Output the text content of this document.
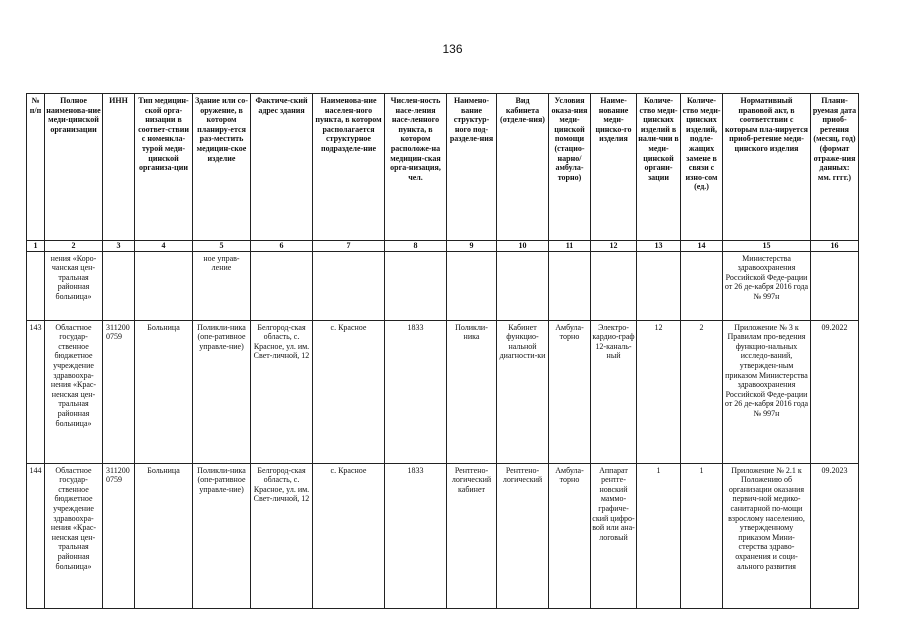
136
№ п/п	Полное наименова-ние меди-цинской организации	ИНН	Тип медицин-ской орга-низации в соответ-ствии с номенкла-турой меди-цинской организа-ции	Здание или со-оружение, в котором планиру-ется раз-местить медицин-ское изделие	Фактиче-ский адрес здания	Наименова-ние населен-ного пункта, в котором располагается структурное подразделе-ние	Числен-ность насе-ления насе-ленного пункта, в котором расположе-на медицин-ская орга-низация, чел.	Наимено-вание структур-ного под-разделе-ния	Вид кабинета (отделе-ния)	Условия оказа-ния меди-цинской помощи (стацио-нарно/ амбула-торно)	Наиме-нование меди-цинско-го изделия	Количе-ство меди-цинских изделий в нали-чии в меди-цинской органи-зации	Количе-ство меди-цинских изделий, подле-жащих замене в связи с изно-сом (ед.)	Нормативный правовой акт, в соответствии с которым пла-нируется приоб-ретение меди-цинского изделия	Плани-руемая дата приоб-ретения (месяц, год) (формат отраже-ния данных: мм. гггг.)
1	2	3	4	5	6	7	8	9	10	11	12	13	14	15	16
	нения «Коро-чанская цен-тральная районная больница»			ное управ-ление										Министерства здравоохранения Российской Феде-рации от 26 де-кабря 2016 года № 997н	
143	Областное государ-ственное бюджетное учреждение здравоохра-нения «Крас-ненская цен-тральная районная больница»	311200 0759	Больница	Поликли-ника (опе-ративное управле-ние)	Белгород-ская область, с. Красное, ул. им. Свет-личной, 12	с. Красное	1833	Поликли-ника	Кабинет функцио-нальной диагности-ки	Амбула-торно	Электро-кардио-граф 12-каналь-ный	12	2	Приложение № 3 к Правилам про-ведения функцио-нальных исследо-ваний, утвержден-ным приказом Министерства здравоохранения Российской Феде-рации от 26 де-кабря 2016 года № 997н	09.2022
144	Областное государ-ственное бюджетное учреждение здравоохра-нения «Крас-ненская цен-тральная районная больница»	311200 0759	Больница	Поликли-ника (опе-ративное управле-ние)	Белгород-ская область, с. Красное, ул. им. Свет-личной, 12	с. Красное	1833	Рентгено-логический кабинет	Рентгено-логический	Амбула-торно	Аппарат рентге-новский маммо-графиче-ский цифро-вой или ана-логовый	1	1	Приложение № 2.1 к Положению об организации оказания первич-ной медико-санитарной по-мощи взрослому населению, утвержденному приказом Мини-стерства здраво-охранения и соци-ального развития	09.2023
